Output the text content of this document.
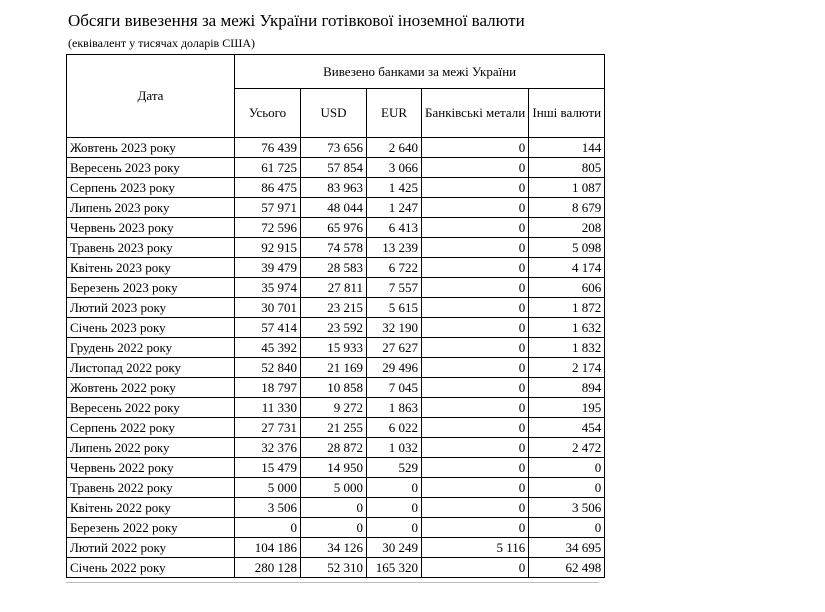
Обсяги вивезення за межі України готівкової іноземної валюти
(еквівалент у тисячах доларів США)
Дата	Вивезено банками за межі України				
	Усього	USD	EUR	Банківські метали	Інші валюти
Жовтень 2023 року	76 439	73 656	2 640	0	144
Вересень 2023 року	61 725	57 854	3 066	0	805
Серпень 2023 року	86 475	83 963	1 425	0	1 087
Липень 2023 року	57 971	48 044	1 247	0	8 679
Червень 2023 року	72 596	65 976	6 413	0	208
Травень 2023 року	92 915	74 578	13 239	0	5 098
Квітень 2023 року	39 479	28 583	6 722	0	4 174
Березень 2023 року	35 974	27 811	7 557	0	606
Лютий 2023 року	30 701	23 215	5 615	0	1 872
Січень 2023 року	57 414	23 592	32 190	0	1 632
Грудень 2022 року	45 392	15 933	27 627	0	1 832
Листопад 2022 року	52 840	21 169	29 496	0	2 174
Жовтень 2022 року	18 797	10 858	7 045	0	894
Вересень 2022 року	11 330	9 272	1 863	0	195
Серпень 2022 року	27 731	21 255	6 022	0	454
Липень 2022 року	32 376	28 872	1 032	0	2 472
Червень 2022 року	15 479	14 950	529	0	0
Травень 2022 року	5 000	5 000	0	0	0
Квітень 2022 року	3 506	0	0	0	3 506
Березень 2022 року	0	0	0	0	0
Лютий 2022 року	104 186	34 126	30 249	5 116	34 695
Січень 2022 року	280 128	52 310	165 320	0	62 498
